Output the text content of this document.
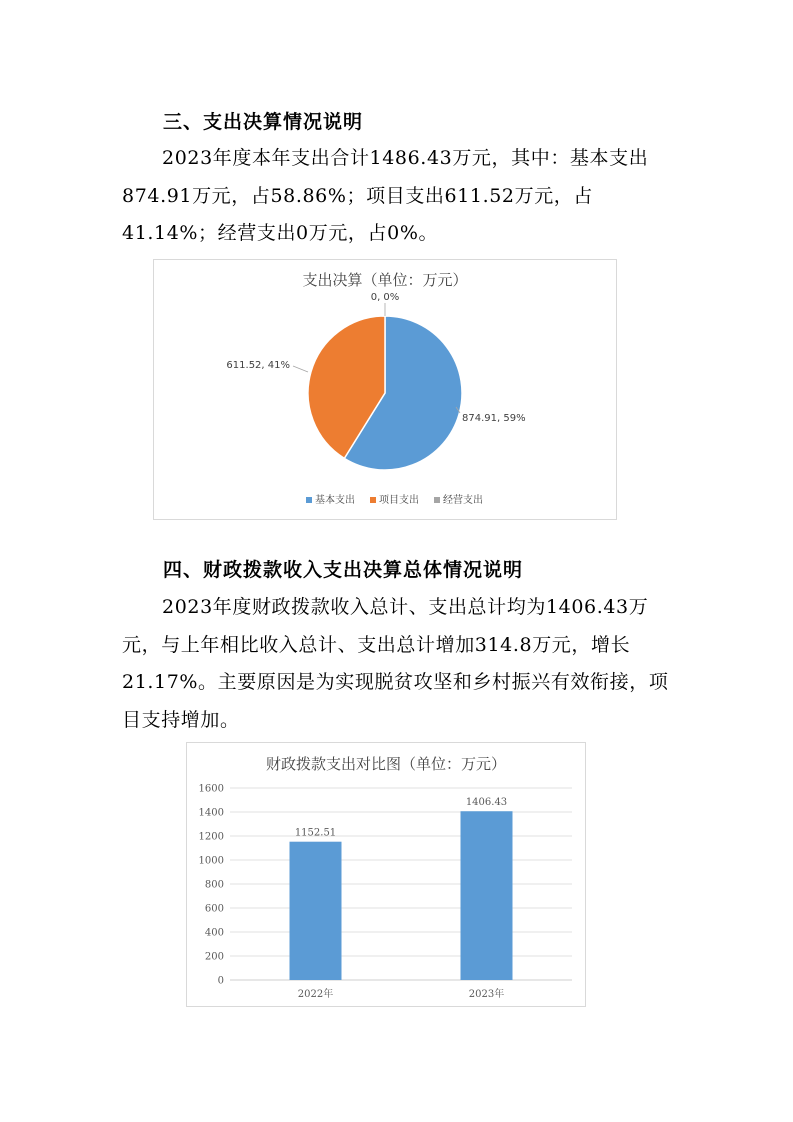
三、支出决算情况说明
2023年度本年支出合计1486.43万元，其中：基本支出874.91万元，占58.86%；项目支出611.52万元，占41.14%；经营支出0万元，占0%。
支出决算（单位：万元）
874.91, 59%
611.52, 41%
0, 0%
基本支出 项目支出 经营支出
四、财政拨款收入支出决算总体情况说明
2023年度财政拨款收入总计、支出总计均为1406.43万元，与上年相比收入总计、支出总计增加314.8万元，增长21.17%。主要原因是为实现脱贫攻坚和乡村振兴有效衔接，项目支持增加。
财政拨款支出对比图（单位：万元）
0
200
400
600
800
1000
1200
1400
1600
1152.51
2022年
1406.43
2023年
